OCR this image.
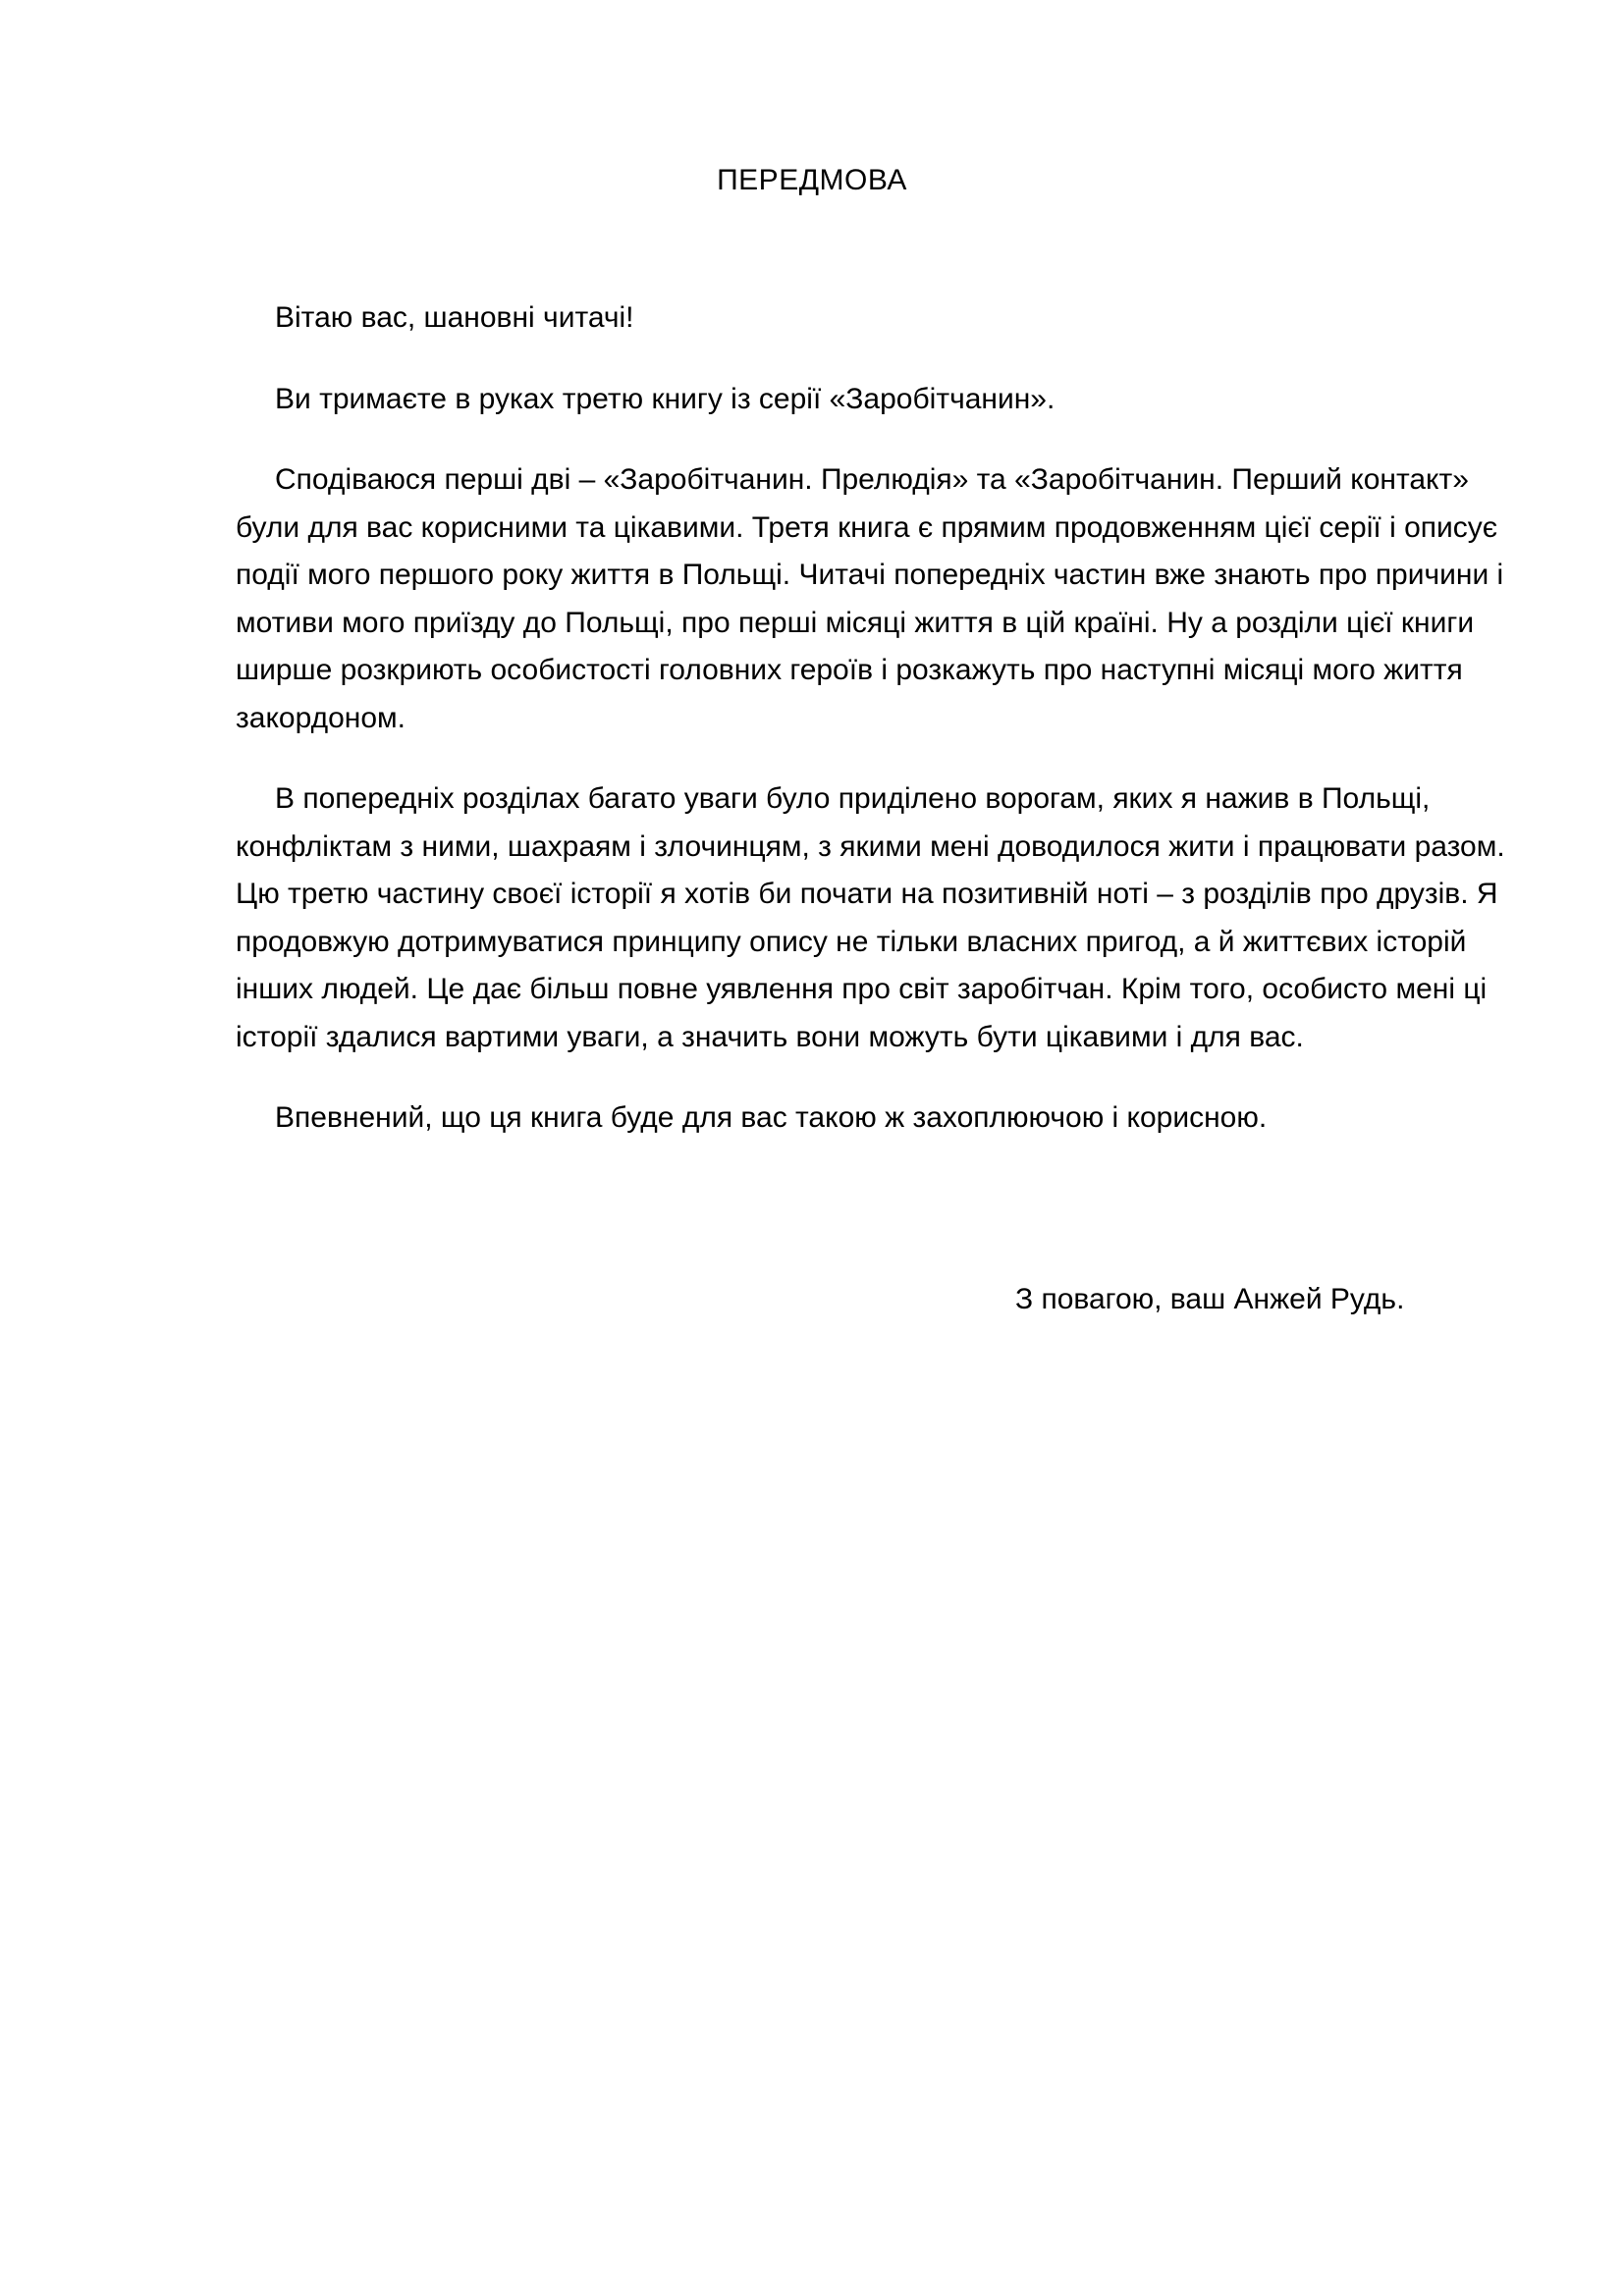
ПЕРЕДМОВА

Вітаю вас, шановні читачі!

Ви тримаєте в руках третю книгу із серії «Заробітчанин».

Сподіваюся перші дві – «Заробітчанин. Прелюдія» та «Заробітчанин. Перший контакт» були для вас корисними та цікавими. Третя книга є прямим продовженням цієї серії і описує події мого першого року життя в Польщі. Читачі попередніх частин вже знають про причини і мотиви мого приїзду до Польщі, про перші місяці життя в цій країні. Ну а розділи цієї книги ширше розкриють особистості головних героїв і розкажуть про наступні місяці мого життя закордоном.

В попередніх розділах багато уваги було приділено ворогам, яких я нажив в Польщі, конфліктам з ними, шахраям і злочинцям, з якими мені доводилося жити і працювати разом. Цю третю частину своєї історії я хотів би почати на позитивній ноті – з розділів про друзів. Я продовжую дотримуватися принципу опису не тільки власних пригод, а й життєвих історій інших людей. Це дає більш повне уявлення про світ заробітчан. Крім того, особисто мені ці історії здалися вартими уваги, а значить вони можуть бути цікавими і для вас.

Впевнений, що ця книга буде для вас такою ж захоплюючою і корисною.

З повагою, ваш Анжей Рудь.
